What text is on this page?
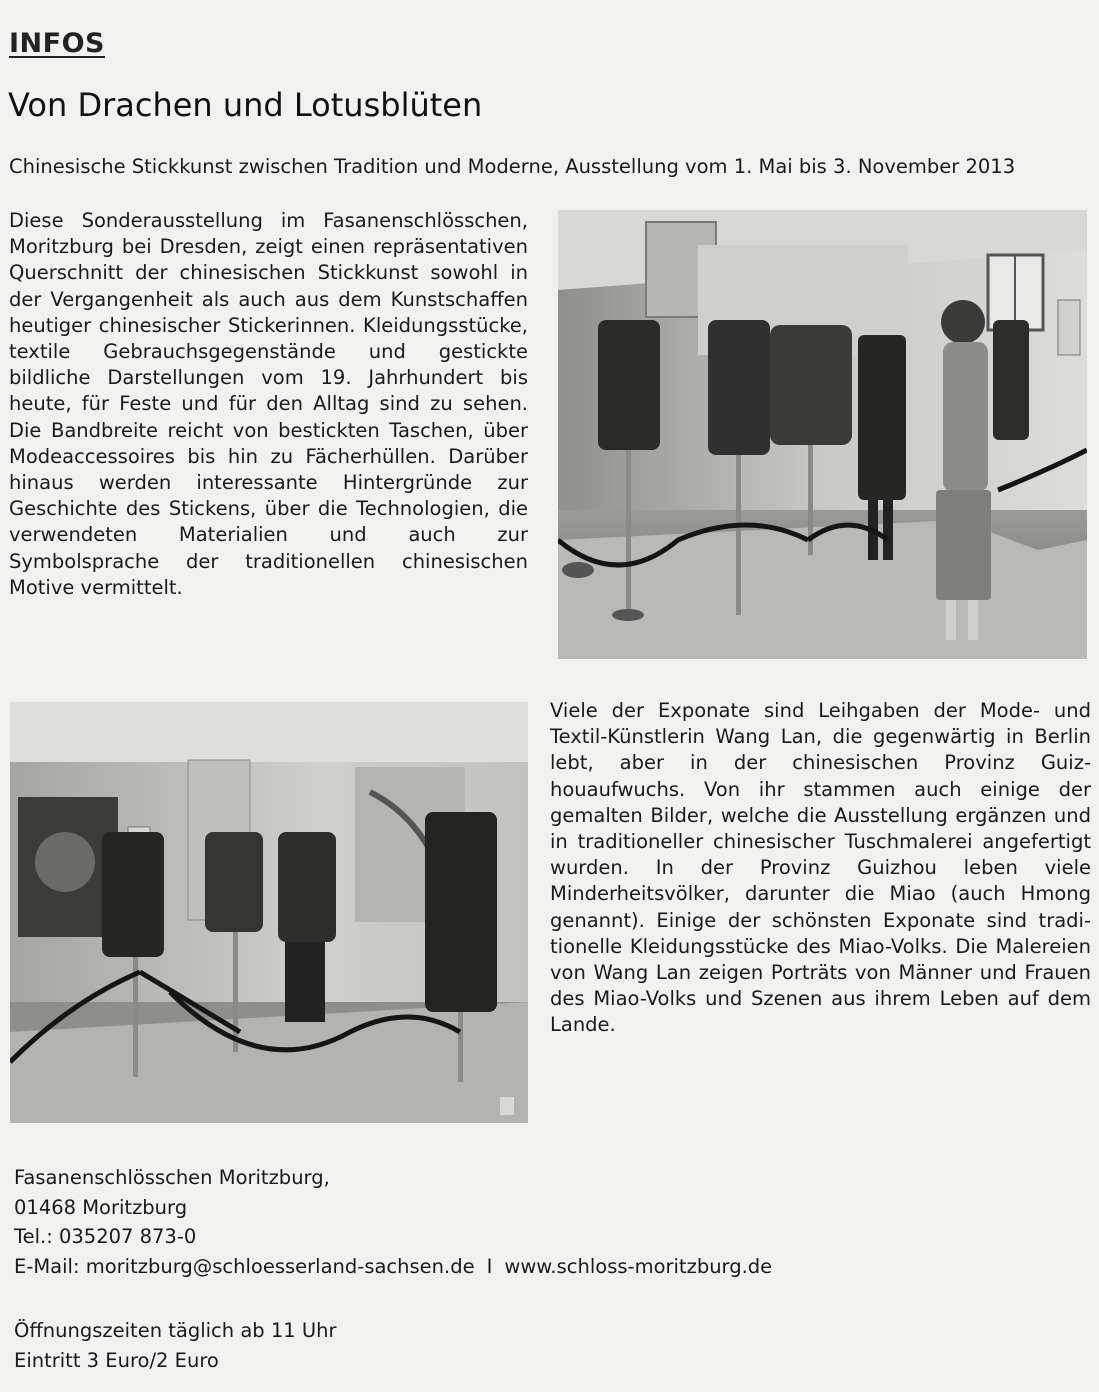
INFOS
Von Drachen und Lotusblüten
Chinesische Stickkunst zwischen Tradition und Moderne, Ausstellung vom 1. Mai bis 3. November 2013

Diese Sonderausstellung im Fasanenschlösschen, Moritzburg bei Dresden, zeigt einen repräsentativen Querschnitt der chinesischen Stickkunst sowohl in der Vergangenheit als auch aus dem Kunstschaffen heutiger chinesischer Stickerinnen. Kleidungsstücke, textile Gebrauchsgegenstände und gestickte bildliche Darstellungen vom 19. Jahrhundert bis heute, für Feste und für den Alltag sind zu sehen. Die Bandbreite reicht von bestickten Taschen, über Modeaccessoires bis hin zu Fächerhüllen. Darüber hinaus werden interessante Hintergründe zur Geschichte des Stickens, über die Technologien, die verwendeten Materialien und auch zur Symbolsprache der traditionellen chinesischen Motive vermittelt.

Viele der Exponate sind Leihgaben der Mode- und Textil-Künstlerin Wang Lan, die gegenwärtig in Berlin lebt, aber in der chinesischen Provinz Guizhouaufwuchs. Von ihr stammen auch einige der gemalten Bilder, welche die Ausstellung ergänzen und in traditioneller chinesischer Tuschmalerei angefertigt wurden. In der Provinz Guizhou leben viele Minderheitsvölker, darunter die Miao (auch Hmong genannt). Einige der schönsten Exponate sind traditionelle Kleidungsstücke des Miao-Volks. Die Malereien von Wang Lan zeigen Porträts von Männer und Frauen des Miao-Volks und Szenen aus ihrem Leben auf dem Lande.

Fasanenschlösschen Moritzburg,
01468 Moritzburg
Tel.: 035207 873-0
E-Mail: moritzburg@schloesserland-sachsen.de I www.schloss-moritzburg.de
Öffnungszeiten täglich ab 11 Uhr
Eintritt 3 Euro/2 Euro
